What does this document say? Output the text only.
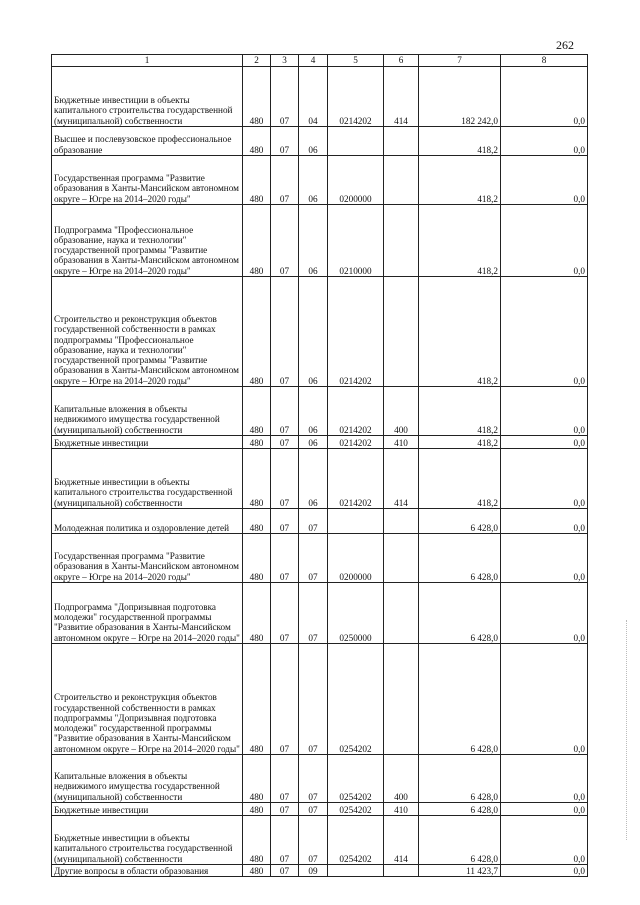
262
1	2	3	4	5	6	7	8
Бюджетные инвестиции в объекты капитального строительства государственной (муниципальной) собственности	480	07	04	0214202	414	182 242,0	0,0
Высшее и послевузовское профессиональное образование	480	07	06			418,2	0,0
Государственная программа "Развитие образования в Ханты-Мансийском автономном округе – Югре на 2014–2020 годы"	480	07	06	0200000		418,2	0,0
Подпрограмма "Профессиональное образование, наука и технологии" государственной программы "Развитие образования в Ханты-Мансийском автономном округе – Югре на 2014–2020 годы"	480	07	06	0210000		418,2	0,0
Строительство и реконструкция объектов государственной собственности в рамках подпрограммы "Профессиональное образование, наука и технологии" государственной программы "Развитие образования в Ханты-Мансийском автономном округе – Югре на 2014–2020 годы"	480	07	06	0214202		418,2	0,0
Капитальные вложения в объекты недвижимого имущества государственной (муниципальной) собственности	480	07	06	0214202	400	418,2	0,0
Бюджетные инвестиции	480	07	06	0214202	410	418,2	0,0
Бюджетные инвестиции в объекты капитального строительства государственной (муниципальной) собственности	480	07	06	0214202	414	418,2	0,0
Молодежная политика и оздоровление детей	480	07	07			6 428,0	0,0
Государственная программа "Развитие образования в Ханты-Мансийском автономном округе – Югре на 2014–2020 годы"	480	07	07	0200000		6 428,0	0,0
Подпрограмма "Допризывная подготовка молодежи" государственной программы "Развитие образования в Ханты-Мансийском автономном округе – Югре на 2014–2020 годы"	480	07	07	0250000		6 428,0	0,0
Строительство и реконструкция объектов государственной собственности в рамках подпрограммы "Допризывная подготовка молодежи" государственной программы "Развитие образования в Ханты-Мансийском автономном округе – Югре на 2014–2020 годы"	480	07	07	0254202		6 428,0	0,0
Капитальные вложения в объекты недвижимого имущества государственной (муниципальной) собственности	480	07	07	0254202	400	6 428,0	0,0
Бюджетные инвестиции	480	07	07	0254202	410	6 428,0	0,0
Бюджетные инвестиции в объекты капитального строительства государственной (муниципальной) собственности	480	07	07	0254202	414	6 428,0	0,0
Другие вопросы в области образования	480	07	09			11 423,7	0,0
